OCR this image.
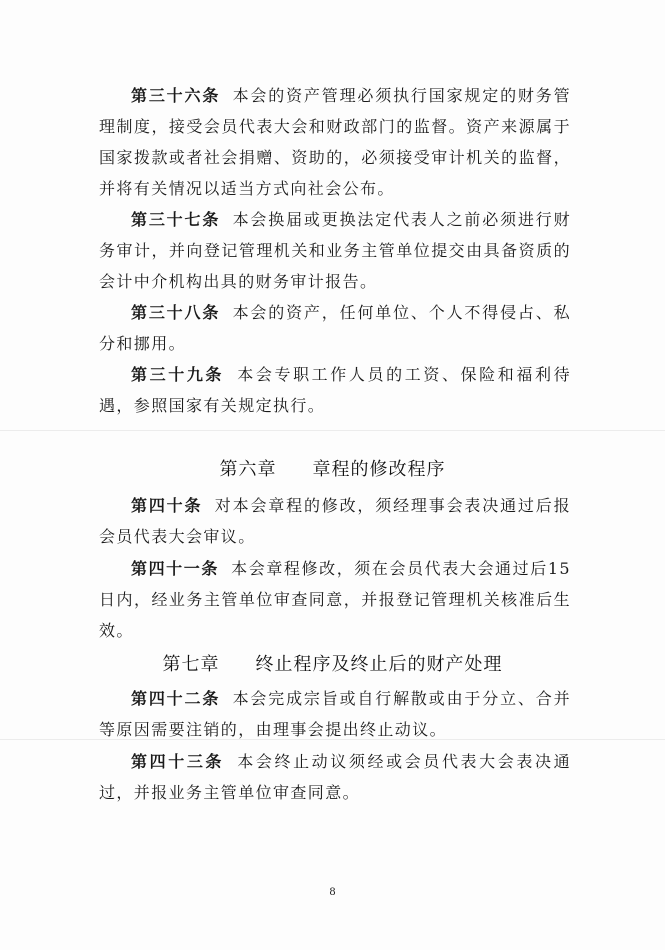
第三十六条 本会的资产管理必须执行国家规定的财务管理制度，接受会员代表大会和财政部门的监督。资产来源属于国家拨款或者社会捐赠、资助的，必须接受审计机关的监督，并将有关情况以适当方式向社会公布。

第三十七条 本会换届或更换法定代表人之前必须进行财务审计，并向登记管理机关和业务主管单位提交由具备资质的会计中介机构出具的财务审计报告。

第三十八条 本会的资产，任何单位、个人不得侵占、私分和挪用。

第三十九条 本会专职工作人员的工资、保险和福利待遇，参照国家有关规定执行。

第六章 章程的修改程序

第四十条 对本会章程的修改，须经理事会表决通过后报会员代表大会审议。

第四十一条 本会章程修改，须在会员代表大会通过后15日内，经业务主管单位审查同意，并报登记管理机关核准后生效。

第七章 终止程序及终止后的财产处理

第四十二条 本会完成宗旨或自行解散或由于分立、合并等原因需要注销的，由理事会提出终止动议。

第四十三条 本会终止动议须经或会员代表大会表决通过，并报业务主管单位审查同意。

8
